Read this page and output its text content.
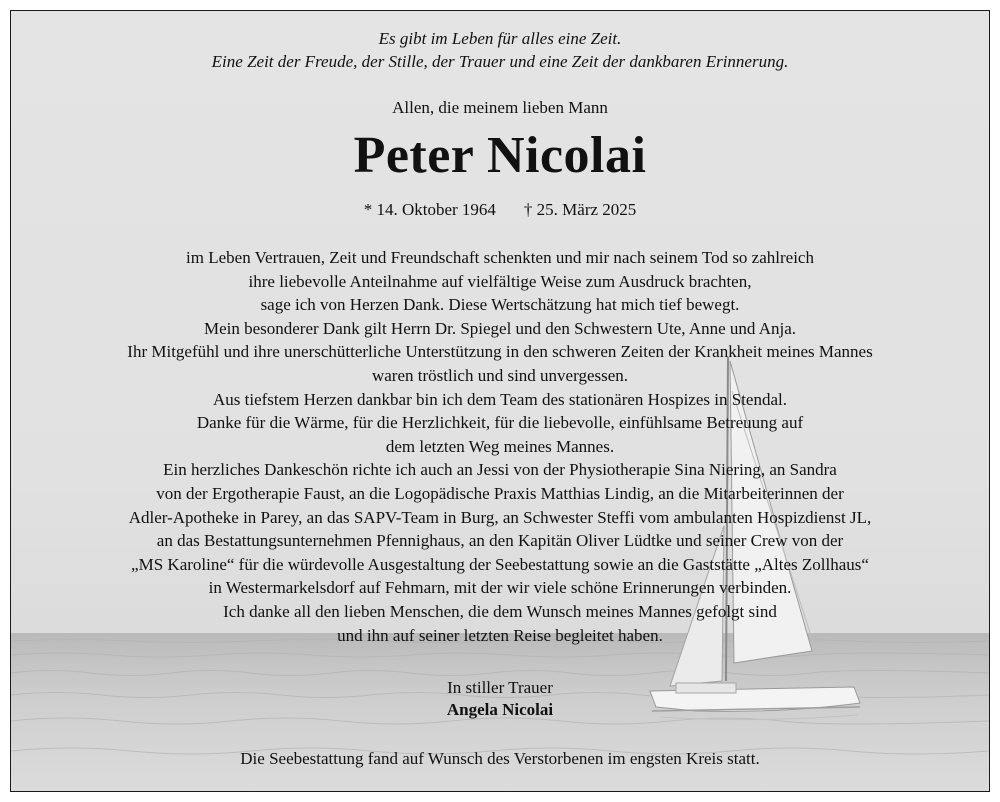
Es gibt im Leben für alles eine Zeit.
Eine Zeit der Freude, der Stille, der Trauer und eine Zeit der dankbaren Erinnerung.
Allen, die meinem lieben Mann
Peter Nicolai
* 14. Oktober 1964 † 25. März 2025
im Leben Vertrauen, Zeit und Freundschaft schenkten und mir nach seinem Tod so zahlreich
ihre liebevolle Anteilnahme auf vielfältige Weise zum Ausdruck brachten,
sage ich von Herzen Dank. Diese Wertschätzung hat mich tief bewegt.
Mein besonderer Dank gilt Herrn Dr. Spiegel und den Schwestern Ute, Anne und Anja.
Ihr Mitgefühl und ihre unerschütterliche Unterstützung in den schweren Zeiten der Krankheit meines Mannes
waren tröstlich und sind unvergessen.
Aus tiefstem Herzen dankbar bin ich dem Team des stationären Hospizes in Stendal.
Danke für die Wärme, für die Herzlichkeit, für die liebevolle, einfühlsame Betreuung auf
dem letzten Weg meines Mannes.
Ein herzliches Dankeschön richte ich auch an Jessi von der Physiotherapie Sina Niering, an Sandra
von der Ergotherapie Faust, an die Logopädische Praxis Matthias Lindig, an die Mitarbeiterinnen der
Adler-Apotheke in Parey, an das SAPV-Team in Burg, an Schwester Steffi vom ambulanten Hospizdienst JL,
an das Bestattungsunternehmen Pfennighaus, an den Kapitän Oliver Lüdtke und seiner Crew von der
„MS Karoline“ für die würdevolle Ausgestaltung der Seebestattung sowie an die Gaststätte „Altes Zollhaus“
in Westermarkelsdorf auf Fehmarn, mit der wir viele schöne Erinnerungen verbinden.
Ich danke all den lieben Menschen, die dem Wunsch meines Mannes gefolgt sind
und ihn auf seiner letzten Reise begleitet haben.
In stiller Trauer
Angela Nicolai
Die Seebestattung fand auf Wunsch des Verstorbenen im engsten Kreis statt.
